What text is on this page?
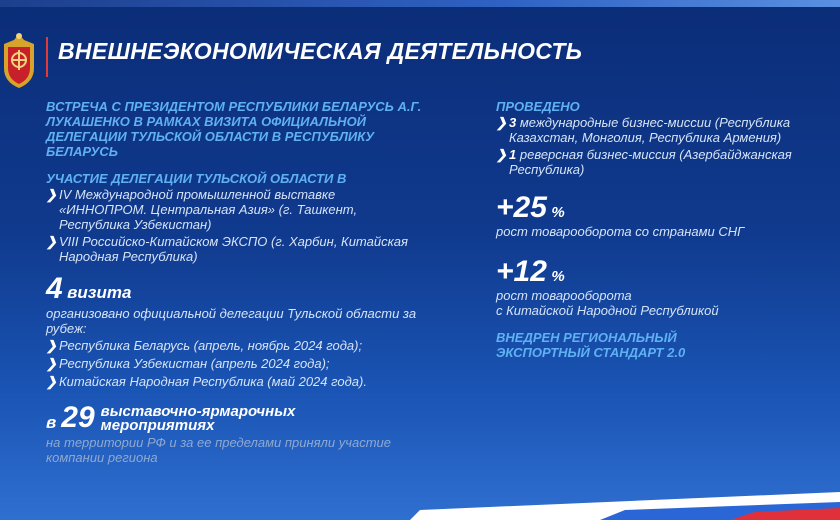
ВНЕШНЕЭКОНОМИЧЕСКАЯ ДЕЯТЕЛЬНОСТЬ

ВСТРЕЧА С ПРЕЗИДЕНТОМ РЕСПУБЛИКИ БЕЛАРУСЬ А.Г. ЛУКАШЕНКО В РАМКАХ ВИЗИТА ОФИЦИАЛЬНОЙ ДЕЛЕГАЦИИ ТУЛЬСКОЙ ОБЛАСТИ В РЕСПУБЛИКУ БЕЛАРУСЬ

УЧАСТИЕ ДЕЛЕГАЦИИ ТУЛЬСКОЙ ОБЛАСТИ В

❯ IV Международной промышленной выставке «ИННОПРОМ. Центральная Азия» (г. Ташкент, Республика Узбекистан)
❯ VIII Российско-Китайском ЭКСПО (г. Харбин, Китайская Народная Республика)
4 визита
организовано официальной делегации Тульской области за рубеж:
❯ Республика Беларусь (апрель, ноябрь 2024 года);
❯ Республика Узбекистан (апрель 2024 года);
❯ Китайская Народная Республика (май 2024 года).
в 29 выставочно-ярмарочных мероприятиях
на территории РФ и за ее пределами приняли участие компании региона

ПРОВЕДЕНО

❯ 3 международные бизнес-миссии (Республика Казахстан, Монголия, Республика Армения)
❯ 1 реверсная бизнес-миссия (Азербайджанская Республика)
+25 %
рост товарооборота со странами СНГ
+12 %
рост товарооборота
с Китайской Народной Республикой

ВНЕДРЕН РЕГИОНАЛЬНЫЙ ЭКСПОРТНЫЙ СТАНДАРТ 2.0
